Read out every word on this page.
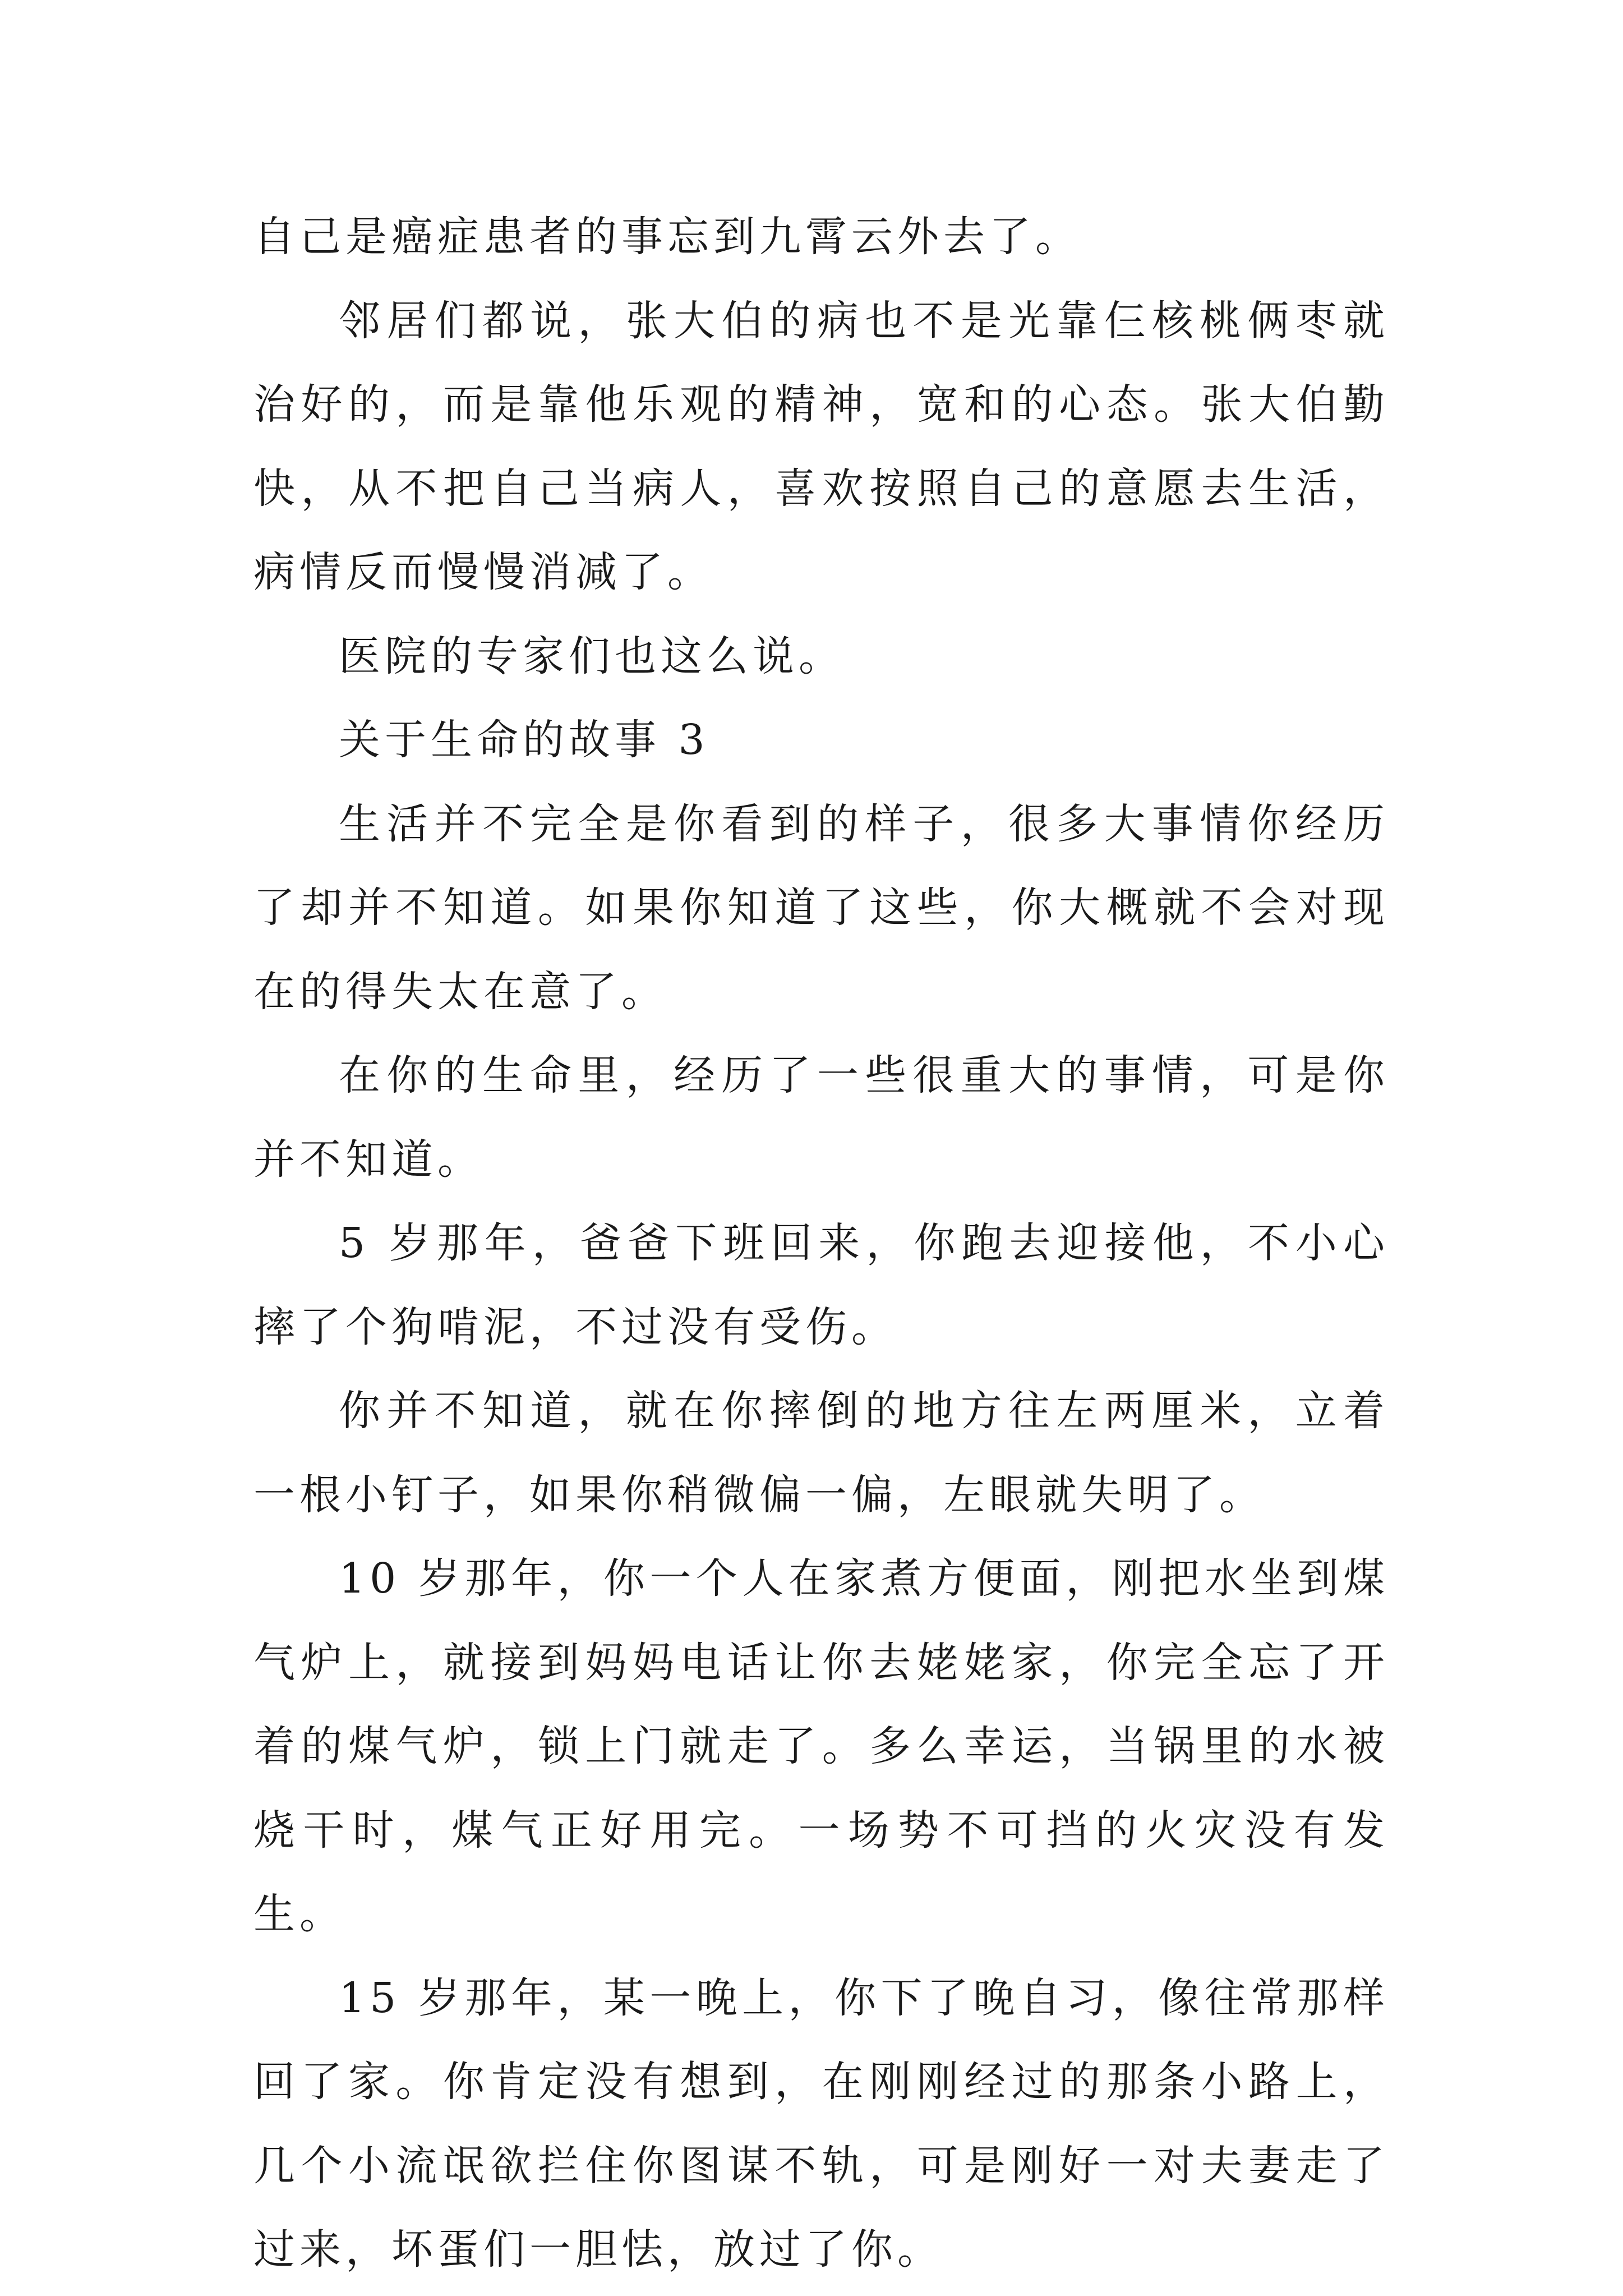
自己是癌症患者的事忘到九霄云外去了。

邻居们都说，张大伯的病也不是光靠仨核桃俩枣就治好的，而是靠他乐观的精神，宽和的心态。张大伯勤快，从不把自己当病人，喜欢按照自己的意愿去生活，病情反而慢慢消减了。

医院的专家们也这么说。

关于生命的故事 3

生活并不完全是你看到的样子，很多大事情你经历了却并不知道。如果你知道了这些，你大概就不会对现在的得失太在意了。

在你的生命里，经历了一些很重大的事情，可是你并不知道。

5 岁那年，爸爸下班回来，你跑去迎接他，不小心摔了个狗啃泥，不过没有受伤。

你并不知道，就在你摔倒的地方往左两厘米，立着一根小钉子，如果你稍微偏一偏，左眼就失明了。

10 岁那年，你一个人在家煮方便面，刚把水坐到煤气炉上，就接到妈妈电话让你去姥姥家，你完全忘了开着的煤气炉，锁上门就走了。多么幸运，当锅里的水被烧干时，煤气正好用完。一场势不可挡的火灾没有发生。

15 岁那年，某一晚上，你下了晚自习，像往常那样回了家。你肯定没有想到，在刚刚经过的那条小路上，几个小流氓欲拦住你图谋不轨，可是刚好一对夫妻走了过来，坏蛋们一胆怯，放过了你。
